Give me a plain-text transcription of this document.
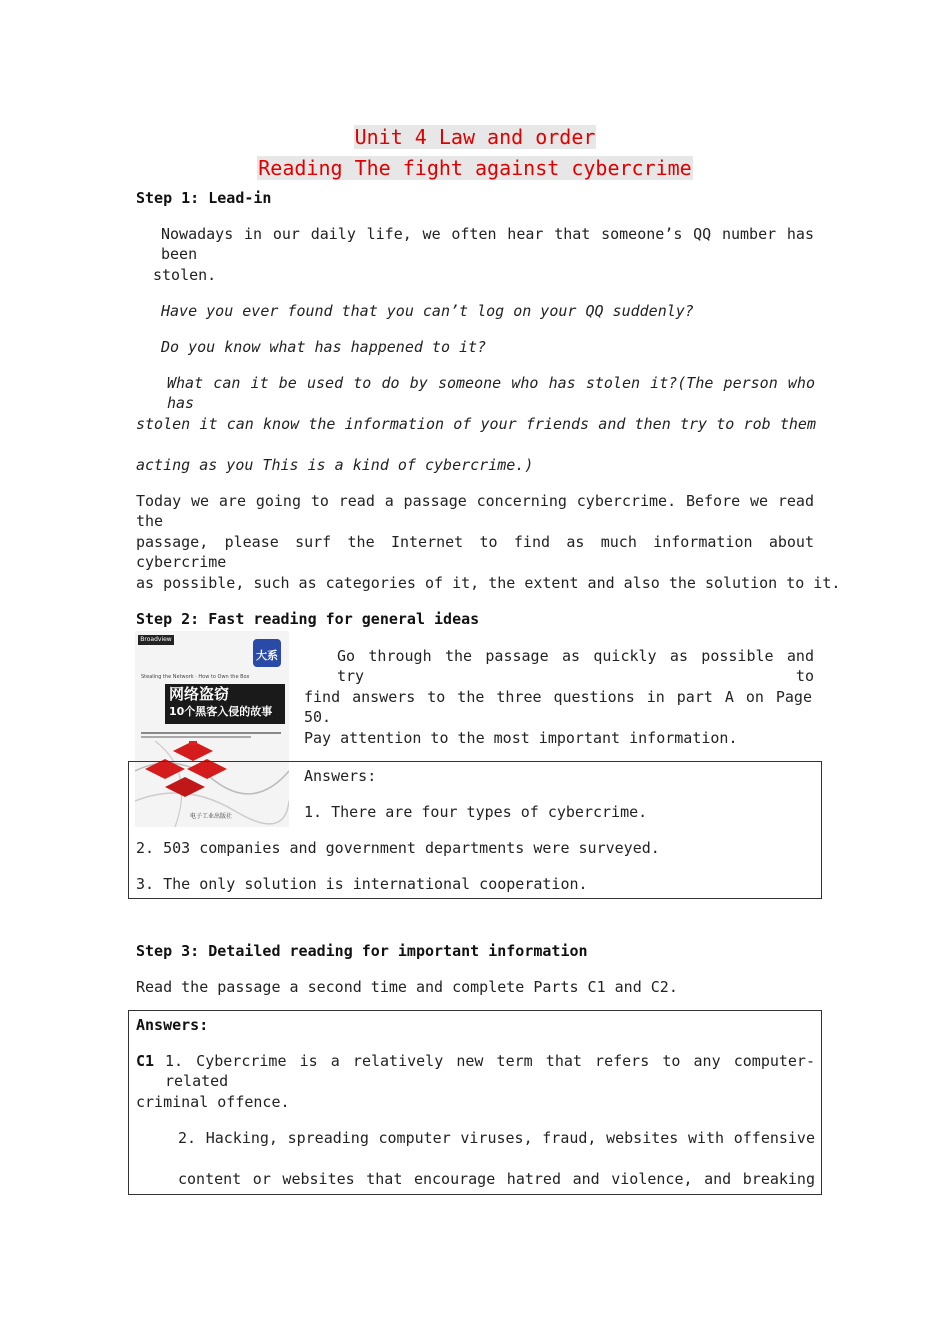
Unit 4 Law and order
Reading The fight against cybercrime
Step 1: Lead-in
Nowadays in our daily life, we often hear that someone’s QQ number has been
stolen.
Have you ever found that you can’t log on your QQ suddenly?
Do you know what has happened to it?
What can it be used to do by someone who has stolen it?(The person who has
stolen it can know the information of your friends and then try to rob them
acting as you This is a kind of cybercrime.)
Today we are going to read a passage concerning cybercrime. Before we read the
passage, please surf the Internet to find as much information about cybercrime
as possible, such as categories of it, the extent and also the solution to it.
Step 2: Fast reading for general ideas
Broadview
大系
Stealing the Network · How to Own the Box
网络盗窃
10个黑客入侵的故事
电子工业出版社
Go through the passage as quickly as possible and try to
find answers to the three questions in part A on Page 50.
Pay attention to the most important information.
Answers:
1. There are four types of cybercrime.
2. 503 companies and government departments were surveyed.
3. The only solution is international cooperation.
Step 3: Detailed reading for important information
Read the passage a second time and complete Parts C1 and C2.
Answers:
C1 1. Cybercrime is a relatively new term that refers to any computer-related
criminal offence.
2. Hacking, spreading computer viruses, fraud, websites with offensive
content or websites that encourage hatred and violence, and breaking
